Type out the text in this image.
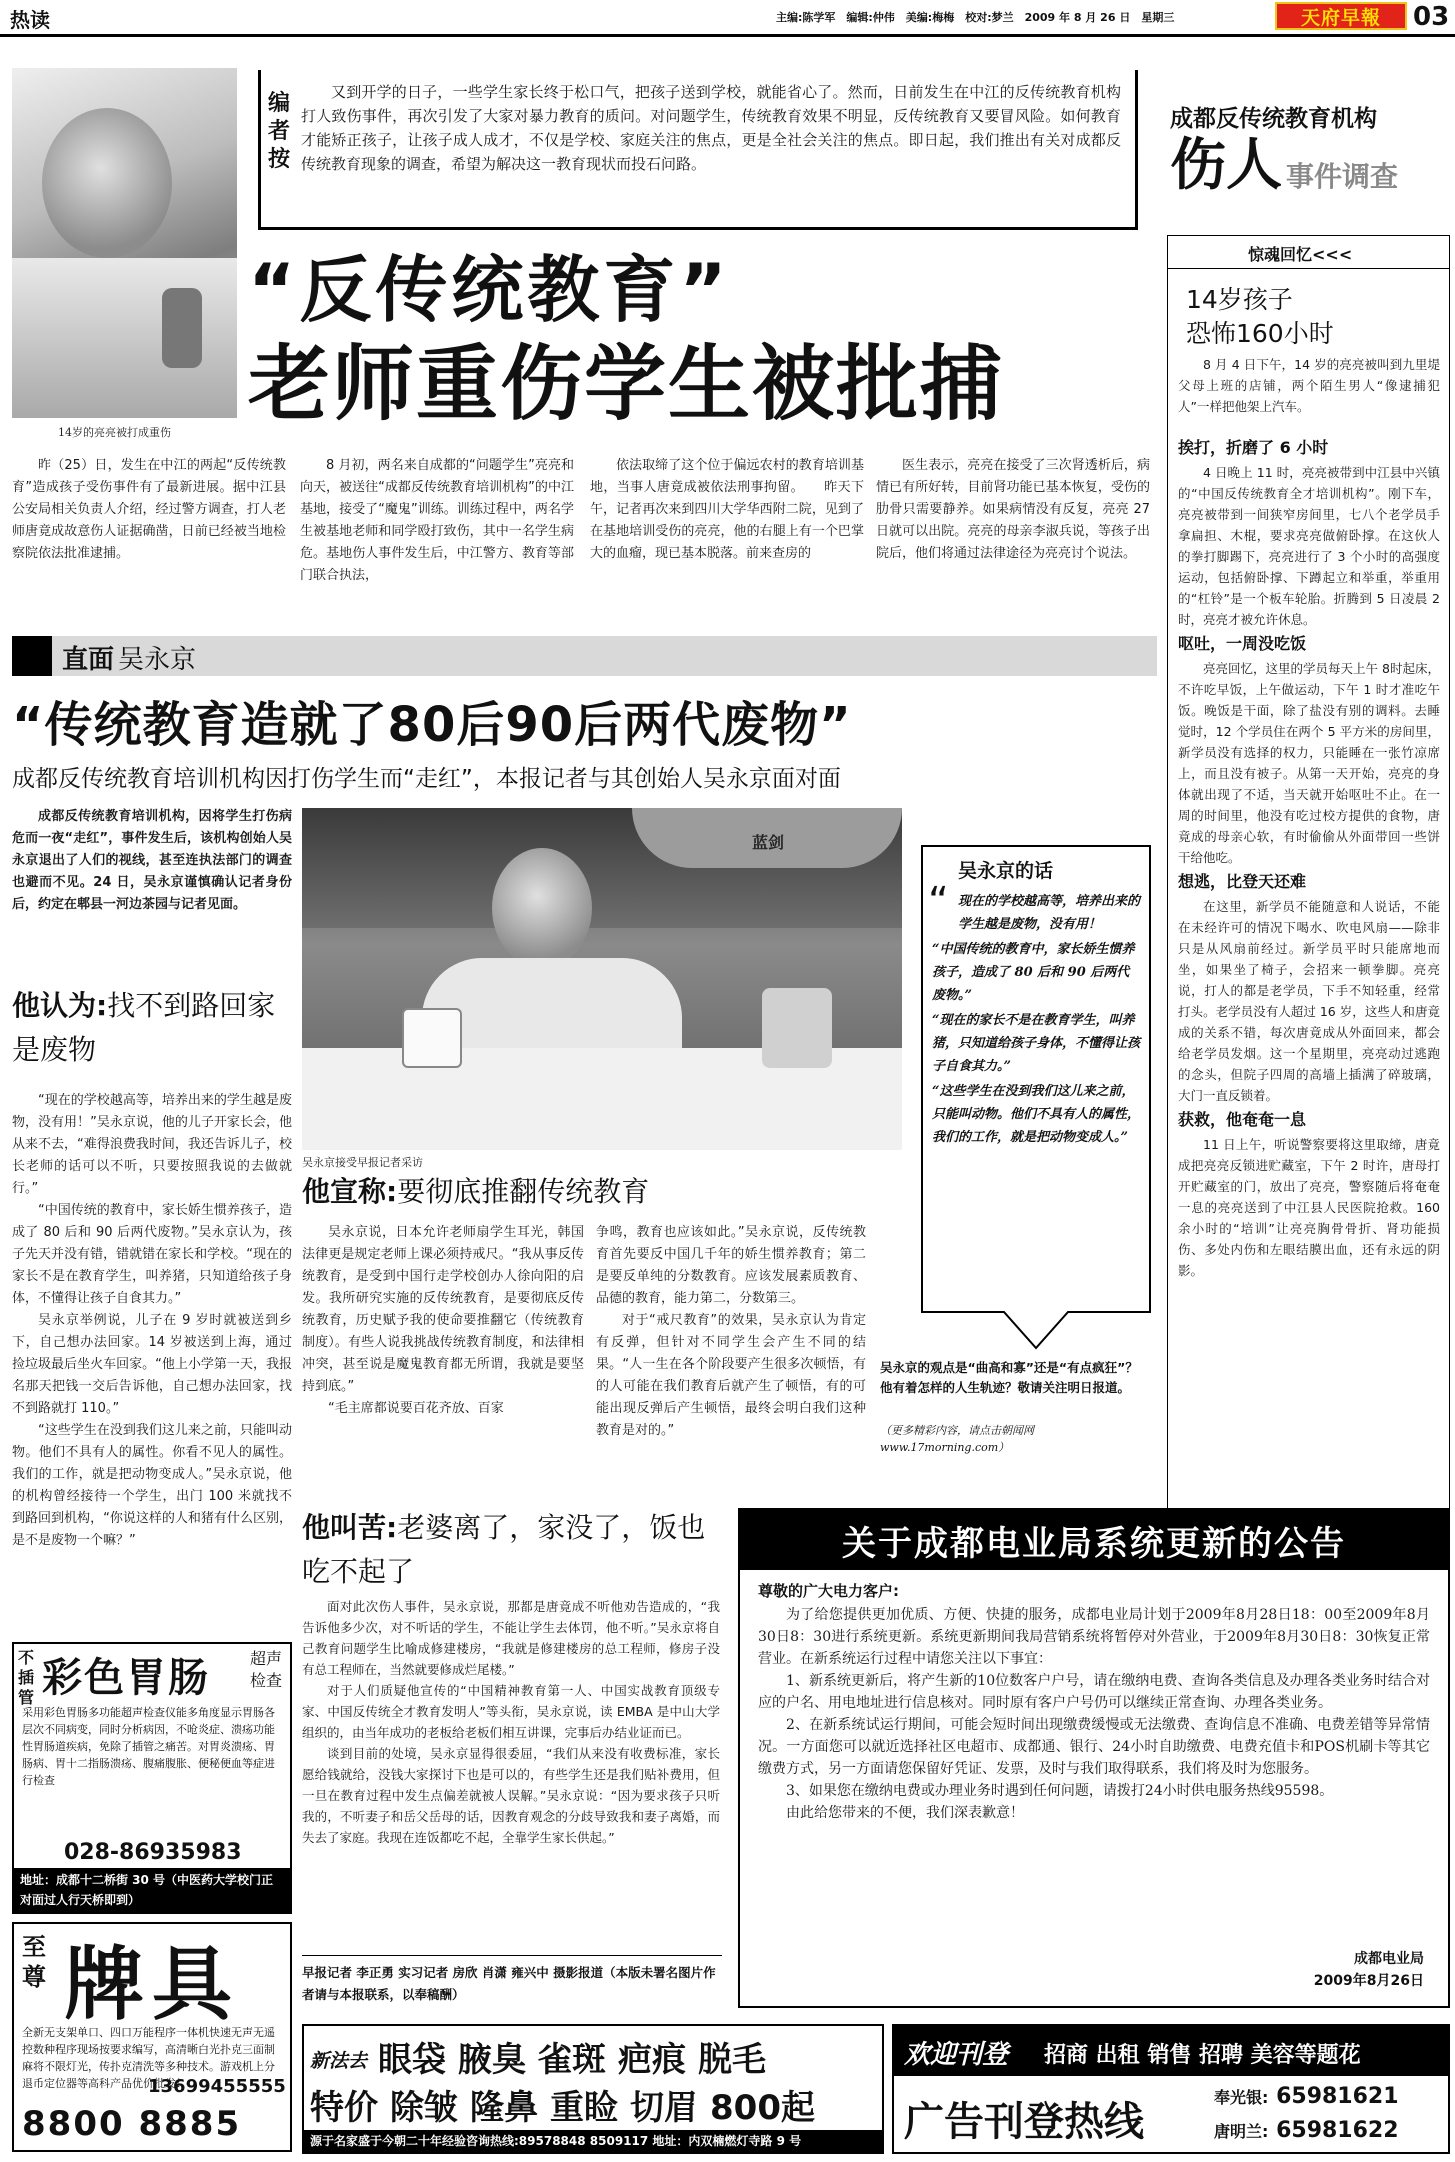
热读	主编:陈学军　编辑:仲伟　美编:梅梅　校对:梦兰　2009 年 8 月 26 日　星期三	天府早報 03
14岁的亮亮被打成重伤
编者按
又到开学的日子，一些学生家长终于松口气，把孩子送到学校，就能省心了。然而，日前发生在中江的反传统教育机构打人致伤事件，再次引发了大家对暴力教育的质问。对问题学生，传统教育效果不明显，反传统教育又要冒风险。如何教育才能矫正孩子，让孩子成人成才，不仅是学校、家庭关注的焦点，更是全社会关注的焦点。即日起，我们推出有关对成都反传统教育现象的调查，希望为解决这一教育现状而投石问路。
成都反传统教育机构
伤人 事件调查
“反传统教育”
老师重伤学生被批捕
昨（25）日，发生在中江的两起“反传统教育”造成孩子受伤事件有了最新进展。据中江县公安局相关负责人介绍，经过警方调查，打人老师唐竟成故意伤人证据确凿，日前已经被当地检察院依法批准逮捕。
8 月初，两名来自成都的“问题学生”亮亮和向天，被送往“成都反传统教育培训机构”的中江基地，接受了“魔鬼”训练。训练过程中，两名学生被基地老师和同学殴打致伤，其中一名学生病危。基地伤人事件发生后，中江警方、教育等部门联合执法，
依法取缔了这个位于偏远农村的教育培训基地，当事人唐竟成被依法刑事拘留。　　昨天下午，记者再次来到四川大学华西附二院，见到了在基地培训受伤的亮亮，他的右腿上有一个巴掌大的血瘤，现已基本脱落。前来查房的
医生表示，亮亮在接受了三次肾透析后，病情已有所好转，目前肾功能已基本恢复，受伤的肋骨只需要静养。如果病情没有反复，亮亮 27 日就可以出院。亮亮的母亲李淑兵说，等孩子出院后，他们将通过法律途径为亮亮讨个说法。
惊魂回忆<<<
14岁孩子
恐怖160小时
8 月 4 日下午，14 岁的亮亮被叫到九里堤父母上班的店铺，两个陌生男人“像逮捕犯人”一样把他架上汽车。
挨打，折磨了 6 小时
4 日晚上 11 时，亮亮被带到中江县中兴镇的“中国反传统教育全才培训机构”。刚下车，亮亮被带到一间狭窄房间里，七八个老学员手拿扁担、木棍，要求亮亮做俯卧撑。在这伙人的拳打脚踢下，亮亮进行了 3 个小时的高强度运动，包括俯卧撑、下蹲起立和举重，举重用的“杠铃”是一个板车轮胎。折腾到 5 日凌晨 2 时，亮亮才被允许休息。
呕吐，一周没吃饭
亮亮回忆，这里的学员每天上午 8时起床，不许吃早饭，上午做运动，下午 1 时才准吃午饭。晚饭是干面，除了盐没有别的调料。去睡觉时，12 个学员住在两个 5 平方米的房间里，新学员没有选择的权力，只能睡在一张竹凉席上，而且没有被子。从第一天开始，亮亮的身体就出现了不适，当天就开始呕吐不止。在一周的时间里，他没有吃过校方提供的食物，唐竟成的母亲心软，有时偷偷从外面带回一些饼干给他吃。
想逃，比登天还难
在这里，新学员不能随意和人说话，不能在未经许可的情况下喝水、吹电风扇——除非只是从风扇前经过。新学员平时只能席地而坐，如果坐了椅子，会招来一顿拳脚。亮亮说，打人的都是老学员，下手不知轻重，经常打头。老学员没有人超过 16 岁，这些人和唐竟成的关系不错，每次唐竟成从外面回来，都会给老学员发烟。这一个星期里，亮亮动过逃跑的念头，但院子四周的高墙上插满了碎玻璃，大门一直反锁着。
获救，他奄奄一息
11 日上午，听说警察要将这里取缔，唐竟成把亮亮反锁进贮藏室，下午 2 时许，唐母打开贮藏室的门，放出了亮亮，警察随后将奄奄一息的亮亮送到了中江县人民医院抢救。160 余小时的“培训”让亮亮胸骨骨折、肾功能损伤、多处内伤和左眼结膜出血，还有永远的阴影。
直面 吴永京
“传统教育造就了80后90后两代废物”
成都反传统教育培训机构因打伤学生而“走红”，本报记者与其创始人吴永京面对面
成都反传统教育培训机构，因将学生打伤病危而一夜“走红”，事件发生后，该机构创始人吴永京退出了人们的视线，甚至连执法部门的调查也避而不见。24 日，吴永京谨慎确认记者身份后，约定在郫县一河边茶园与记者见面。
蓝剑
吴永京接受早报记者采访
吴永京的话
“ 现在的学校越高等，培养出来的学生越是废物，没有用！
“中国传统的教育中，家长娇生惯养孩子，造成了 80 后和 90 后两代废物。”
“现在的家长不是在教育学生，叫养猪，只知道给孩子身体，不懂得让孩子自食其力。”
“这些学生在没到我们这儿来之前，只能叫动物。他们不具有人的属性，我们的工作，就是把动物变成人。”
吴永京的观点是“曲高和寡”还是“有点疯狂”？他有着怎样的人生轨迹？敬请关注明日报道。
（更多精彩内容，请点击朝闻网 www.17morning.com）
他认为:找不到路回家是废物

“现在的学校越高等，培养出来的学生越是废物，没有用！”吴永京说，他的儿子开家长会，他从来不去，“难得浪费我时间，我还告诉儿子，校长老师的话可以不听，只要按照我说的去做就行。”

“中国传统的教育中，家长娇生惯养孩子，造成了 80 后和 90 后两代废物。”吴永京认为，孩子先天并没有错，错就错在家长和学校。“现在的家长不是在教育学生，叫养猪，只知道给孩子身体，不懂得让孩子自食其力。”

吴永京举例说，儿子在 9 岁时就被送到乡下，自己想办法回家。14 岁被送到上海，通过捡垃圾最后坐火车回家。“他上小学第一天，我报名那天把钱一交后告诉他，自己想办法回家，找不到路就打 110。”

“这些学生在没到我们这儿来之前，只能叫动物。他们不具有人的属性。你看不见人的属性。我们的工作，就是把动物变成人。”吴永京说，他的机构曾经接待一个学生，出门 100 米就找不到路回到机构，“你说这样的人和猪有什么区别，是不是废物一个嘛？”

他宣称:要彻底推翻传统教育

吴永京说，日本允许老师扇学生耳光，韩国法律更是规定老师上课必须持戒尺。“我从事反传统教育，是受到中国行走学校创办人徐向阳的启发。我所研究实施的反传统教育，是要彻底反传统教育，历史赋予我的使命要推翻它（传统教育制度）。有些人说我挑战传统教育制度，和法律相冲突，甚至说是魔鬼教育都无所谓，我就是要坚持到底。”

“毛主席都说要百花齐放、百家

争鸣，教育也应该如此。”吴永京说，反传统教育首先要反中国几千年的娇生惯养教育；第二是要反单纯的分数教育。应该发展素质教育、品德的教育，能力第二，分数第三。

对于“戒尺教育”的效果，吴永京认为肯定有反弹，但针对不同学生会产生不同的结果。“人一生在各个阶段要产生很多次顿悟，有的人可能在我们教育后就产生了顿悟，有的可能出现反弹后产生顿悟，最终会明白我们这种教育是对的。”

他叫苦:老婆离了，家没了，饭也吃不起了

面对此次伤人事件，吴永京说，那都是唐竟成不听他劝告造成的，“我告诉他多少次，对不听话的学生，不能让学生去体罚，他不听。”吴永京将自己教育问题学生比喻成修建楼房，“我就是修建楼房的总工程师，修房子没有总工程师在，当然就要修成烂尾楼。”

对于人们质疑他宣传的“中国精神教育第一人、中国实战教育顶级专家、中国反传统全才教育发明人”等头衔，吴永京说，读 EMBA 是中山大学组织的，由当年成功的老板给老板们相互讲课，完事后办结业证而已。

谈到目前的处境，吴永京显得很委屈，“我们从来没有收费标准，家长愿给钱就给，没钱大家探讨下也是可以的，有些学生还是我们贴补费用，但一旦在教育过程中发生点偏差就被人误解。”吴永京说：“因为要求孩子只听我的，不听妻子和岳父岳母的话，因教育观念的分歧导致我和妻子离婚，而失去了家庭。我现在连饭都吃不起，全靠学生家长供起。”

早报记者 李正勇 实习记者 房欣 肖潇 雍兴中 摄影报道（本版未署名图片作者请与本报联系，以奉稿酬）
关于成都电业局系统更新的公告
尊敬的广大电力客户:

为了给您提供更加优质、方便、快捷的服务，成都电业局计划于2009年8月28日18：00至2009年8月30日8：30进行系统更新。系统更新期间我局营销系统将暂停对外营业，于2009年8月30日8：30恢复正常营业。在新系统运行过程中请您关注以下事宜：

1、新系统更新后，将产生新的10位数客户户号，请在缴纳电费、查询各类信息及办理各类业务时结合对应的户名、用电地址进行信息核对。同时原有客户户号仍可以继续正常查询、办理各类业务。

2、在新系统试运行期间，可能会短时间出现缴费缓慢或无法缴费、查询信息不准确、电费差错等异常情况。一方面您可以就近选择社区电超市、成都通、银行、24小时自助缴费、电费充值卡和POS机刷卡等其它缴费方式，另一方面请您保留好凭证、发票，及时与我们取得联系，我们将及时为您服务。

3、如果您在缴纳电费或办理业务时遇到任何问题，请拨打24小时供电服务热线95598。

由此给您带来的不便，我们深表歉意！

成都电业局
2009年8月26日
不插管 彩色胃肠	超声检查
采用彩色胃肠多功能超声检查仪能多角度显示胃肠各层次不同病变，同时分析病因，不呛炎症、溃疡功能性胃肠道疾病，免除了插管之痛苦。对胃炎溃疡、胃肠病、胃十二指肠溃疡、腹痛腹胀、便秘便血等症进行检查
028-86935983
地址：成都十二桥街 30 号（中医药大学校门正对面过人行天桥即到）
至尊 牌具
全新无支架单口、四口万能程序一体机快速无声无遥控数种程序现场按要求编写，高清晰白光扑克三面制麻将不限灯光，传扑克清洗等多种技术。游戏机上分退币定位器等高科产品优价批发！
13699455555
8800 8885
新法去 眼袋 腋臭 雀斑 疤痕 脱毛
特价 除皱 隆鼻 重睑 切眉 800起
源于名家盛于今朝二十年经验咨询热线:89578848 8509117 地址：内双楠燃灯寺路 9 号
欢迎刊登 招商 出租 销售 招聘 美容等题花
广告刊登热线
奉光银: 65981621
唐明兰: 65981622
